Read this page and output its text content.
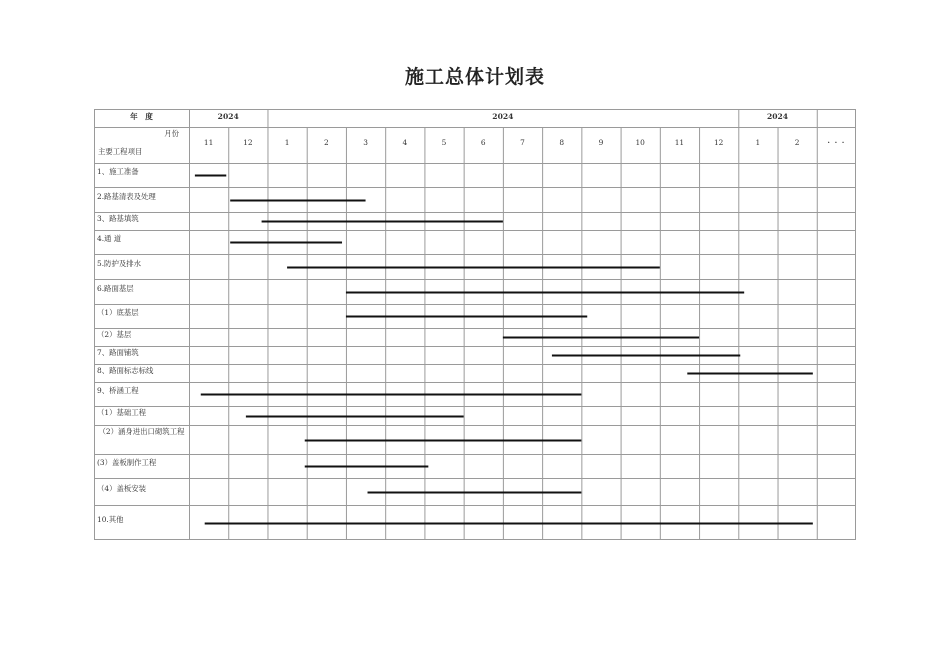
施工总体计划表
年　度	2024	2024	2024
月份
主要工程项目
11	12	1	2	3	4	5	6	7	8	9	10	11	12	1	2	· · ·
1、施工准备
2.路基清表及处理
3、路基填筑
4.通 道
5.防护及排水
6.路面基层
（1）底基层
（2）基层
7、路面铺筑
8、路面标志标线
9、桥涵工程
（1）基础工程
（2）涵身进出口砌筑工程
(3）盖板制作工程
（4）盖板安装
10.其他
